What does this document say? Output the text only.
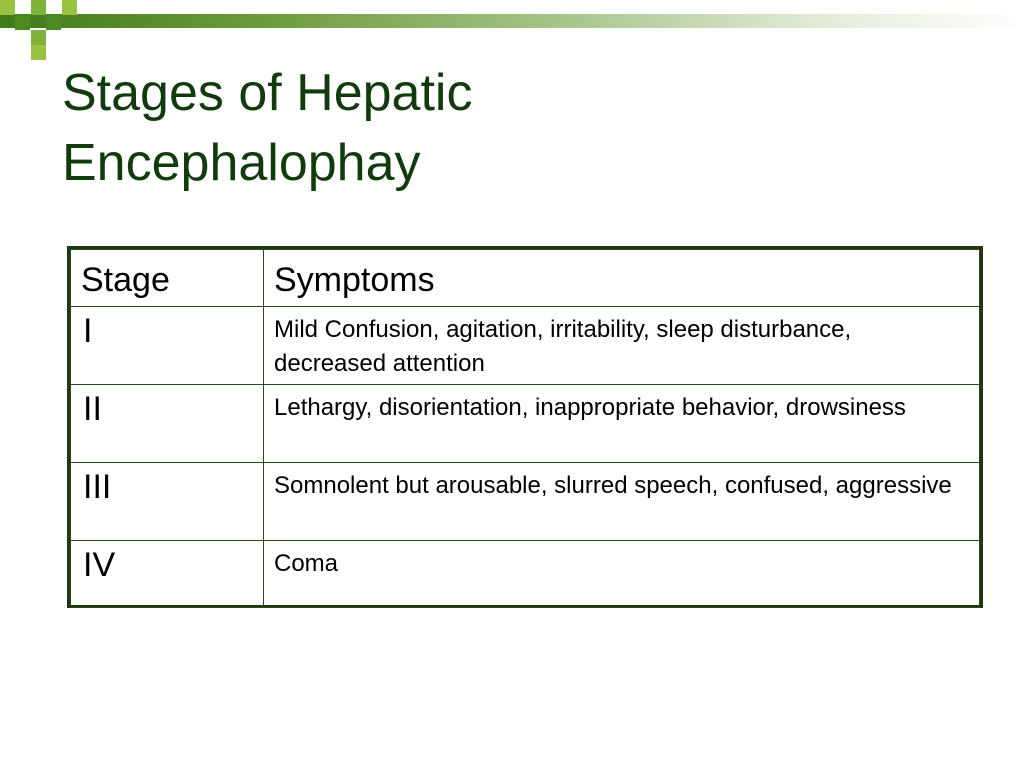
Stages of Hepatic
Encephalophay
Stage	Symptoms

I	Mild Confusion, agitation, irritability, sleep disturbance, decreased attention

II	Lethargy, disorientation, inappropriate behavior, drowsiness

III	Somnolent but arousable, slurred speech, confused, aggressive

IV	Coma
